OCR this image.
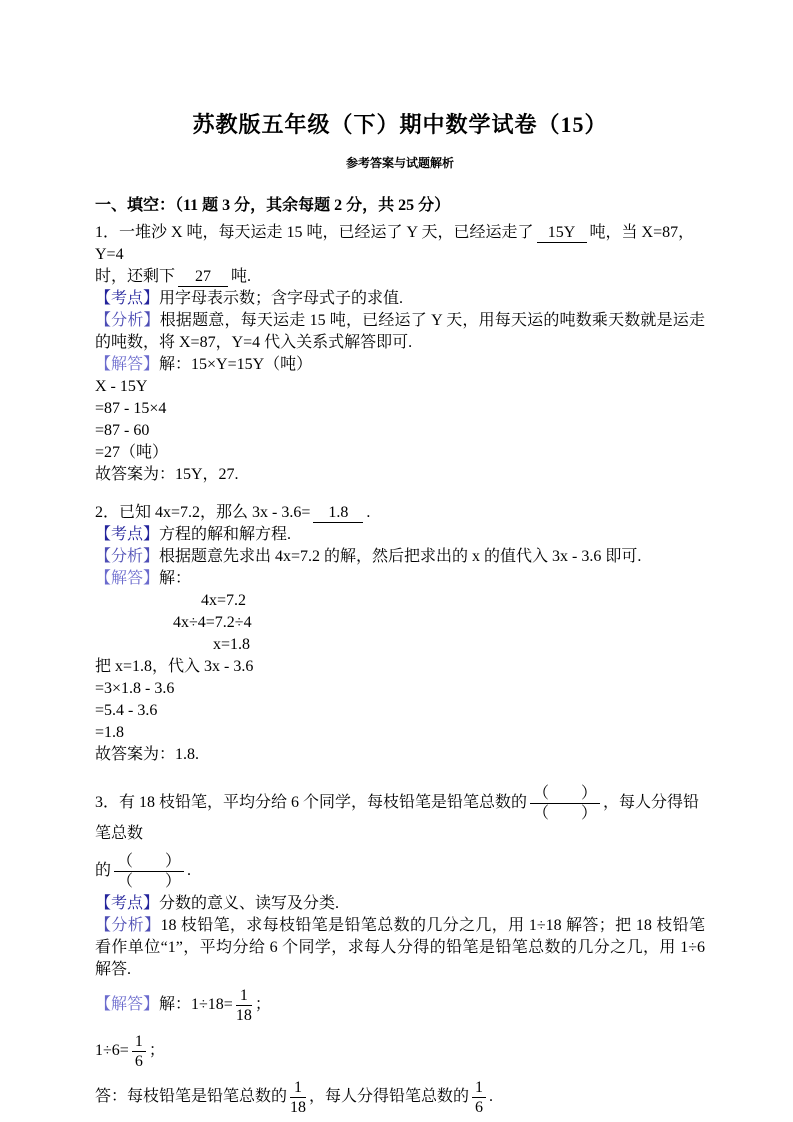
苏教版五年级（下）期中数学试卷（15）
参考答案与试题解析
一、填空：（11 题 3 分，其余每题 2 分，共 25 分）
1．一堆沙 X 吨，每天运走 15 吨，已经运了 Y 天，已经运走了 15Y 吨，当 X=87，Y=4
时，还剩下 27 吨.
【考点】用字母表示数；含字母式子的求值.
【分析】根据题意，每天运走 15 吨，已经运了 Y 天，用每天运的吨数乘天数就是运走的吨数，将 X=87，Y=4 代入关系式解答即可.
【解答】解：15×Y=15Y（吨）
X - 15Y
=87 - 15×4
=87 - 60
=27（吨）
故答案为：15Y，27.
2．已知 4x=7.2，那么 3x - 3.6= 1.8 .
【考点】方程的解和解方程.
【分析】根据题意先求出 4x=7.2 的解，然后把求出的 x 的值代入 3x - 3.6 即可.
【解答】解：
4x=7.2
4x÷4=7.2÷4
x=1.8
把 x=1.8，代入 3x - 3.6
=3×1.8 - 3.6
=5.4 - 3.6
=1.8
故答案为：1.8.
3．有 18 枝铅笔，平均分给 6 个同学，每枝铅笔是铅笔总数的 $\frac{( )}{( )}$ ，每人分得铅笔总数
的 $\frac{( )}{( )}$ .
【考点】分数的意义、读写及分类.
【分析】18 枝铅笔，求每枝铅笔是铅笔总数的几分之几，用 1÷18 解答；把 18 枝铅笔看作单位“1”，平均分给 6 个同学，求每人分得的铅笔是铅笔总数的几分之几，用 1÷6 解答.
【解答】解：$1\div 18= \frac{1}{18}$ ；
$1\div 6= \frac{1}{6}$ ；
答：每枝铅笔是铅笔总数的 $\frac{1}{18}$ ，每人分得铅笔总数的 $\frac{1}{6}$ .
